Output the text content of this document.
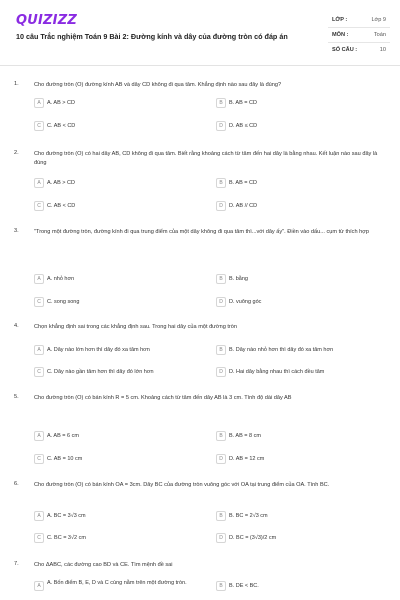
QUIZIZZ
10 câu Trắc nghiệm Toán 9 Bài 2: Đường kính và dây của đường tròn có đáp án
LỚP :	Lớp 9
MÔN :	Toán
SỐ CÂU :	10
1.	Cho đường tròn (O) đường kính AB và dây CD không đi qua tâm. Khẳng định nào sau đây là đúng?
A	A. AB > CD	B	B. AB = CD
C	C. AB < CD	D	D. AB ≤ CD
2.	Cho đường tròn (O) có hai dây AB, CD không đi qua tâm. Biết rằng khoảng cách từ tâm đến hai dây là bằng nhau. Kết luận nào sau đây là đúng
A	A. AB > CD	B	B. AB = CD
C	C. AB < CD	D	D. AB // CD
3.	"Trong một đường tròn, đường kính đi qua trung điểm của một dây không đi qua tâm thì...với dây ấy". Điền vào dấu... cụm từ thích hợp
A	A. nhỏ hơn	B	B. bằng
C	C. song song	D	D. vuông góc
4.	Chọn khẳng định sai trong các khẳng định sau. Trong hai dây của một đường tròn
A	A. Dây nào lớn hơn thì dây đó xa tâm hơn	B	B. Dây nào nhỏ hơn thì dây đó xa tâm hơn
C	C. Dây nào gần tâm hơn thì dây đó lớn hơn	D	D. Hai dây bằng nhau thì cách đều tâm
5.	Cho đường tròn (O) có bán kính R = 5 cm. Khoảng cách từ tâm đến dây AB là 3 cm. Tính độ dài dây AB
A	A. AB = 6 cm	B	B. AB = 8 cm
C	C. AB = 10 cm	D	D. AB = 12 cm
6.	Cho đường tròn (O) có bán kính OA = 3cm. Dây BC của đường tròn vuông góc với OA tại trung điểm của OA. Tính BC.
A	A. BC = 3√3 cm	B	B. BC = 2√3 cm
C	C. BC = 3√2 cm	D	D. BC = (3√3)/2 cm
7.	Cho ΔABC, các đường cao BD và CE. Tìm mệnh đề sai
A	A. Bốn điểm B, E, D và C cùng nằm trên một đường tròn.	B	B. DE < BC.
